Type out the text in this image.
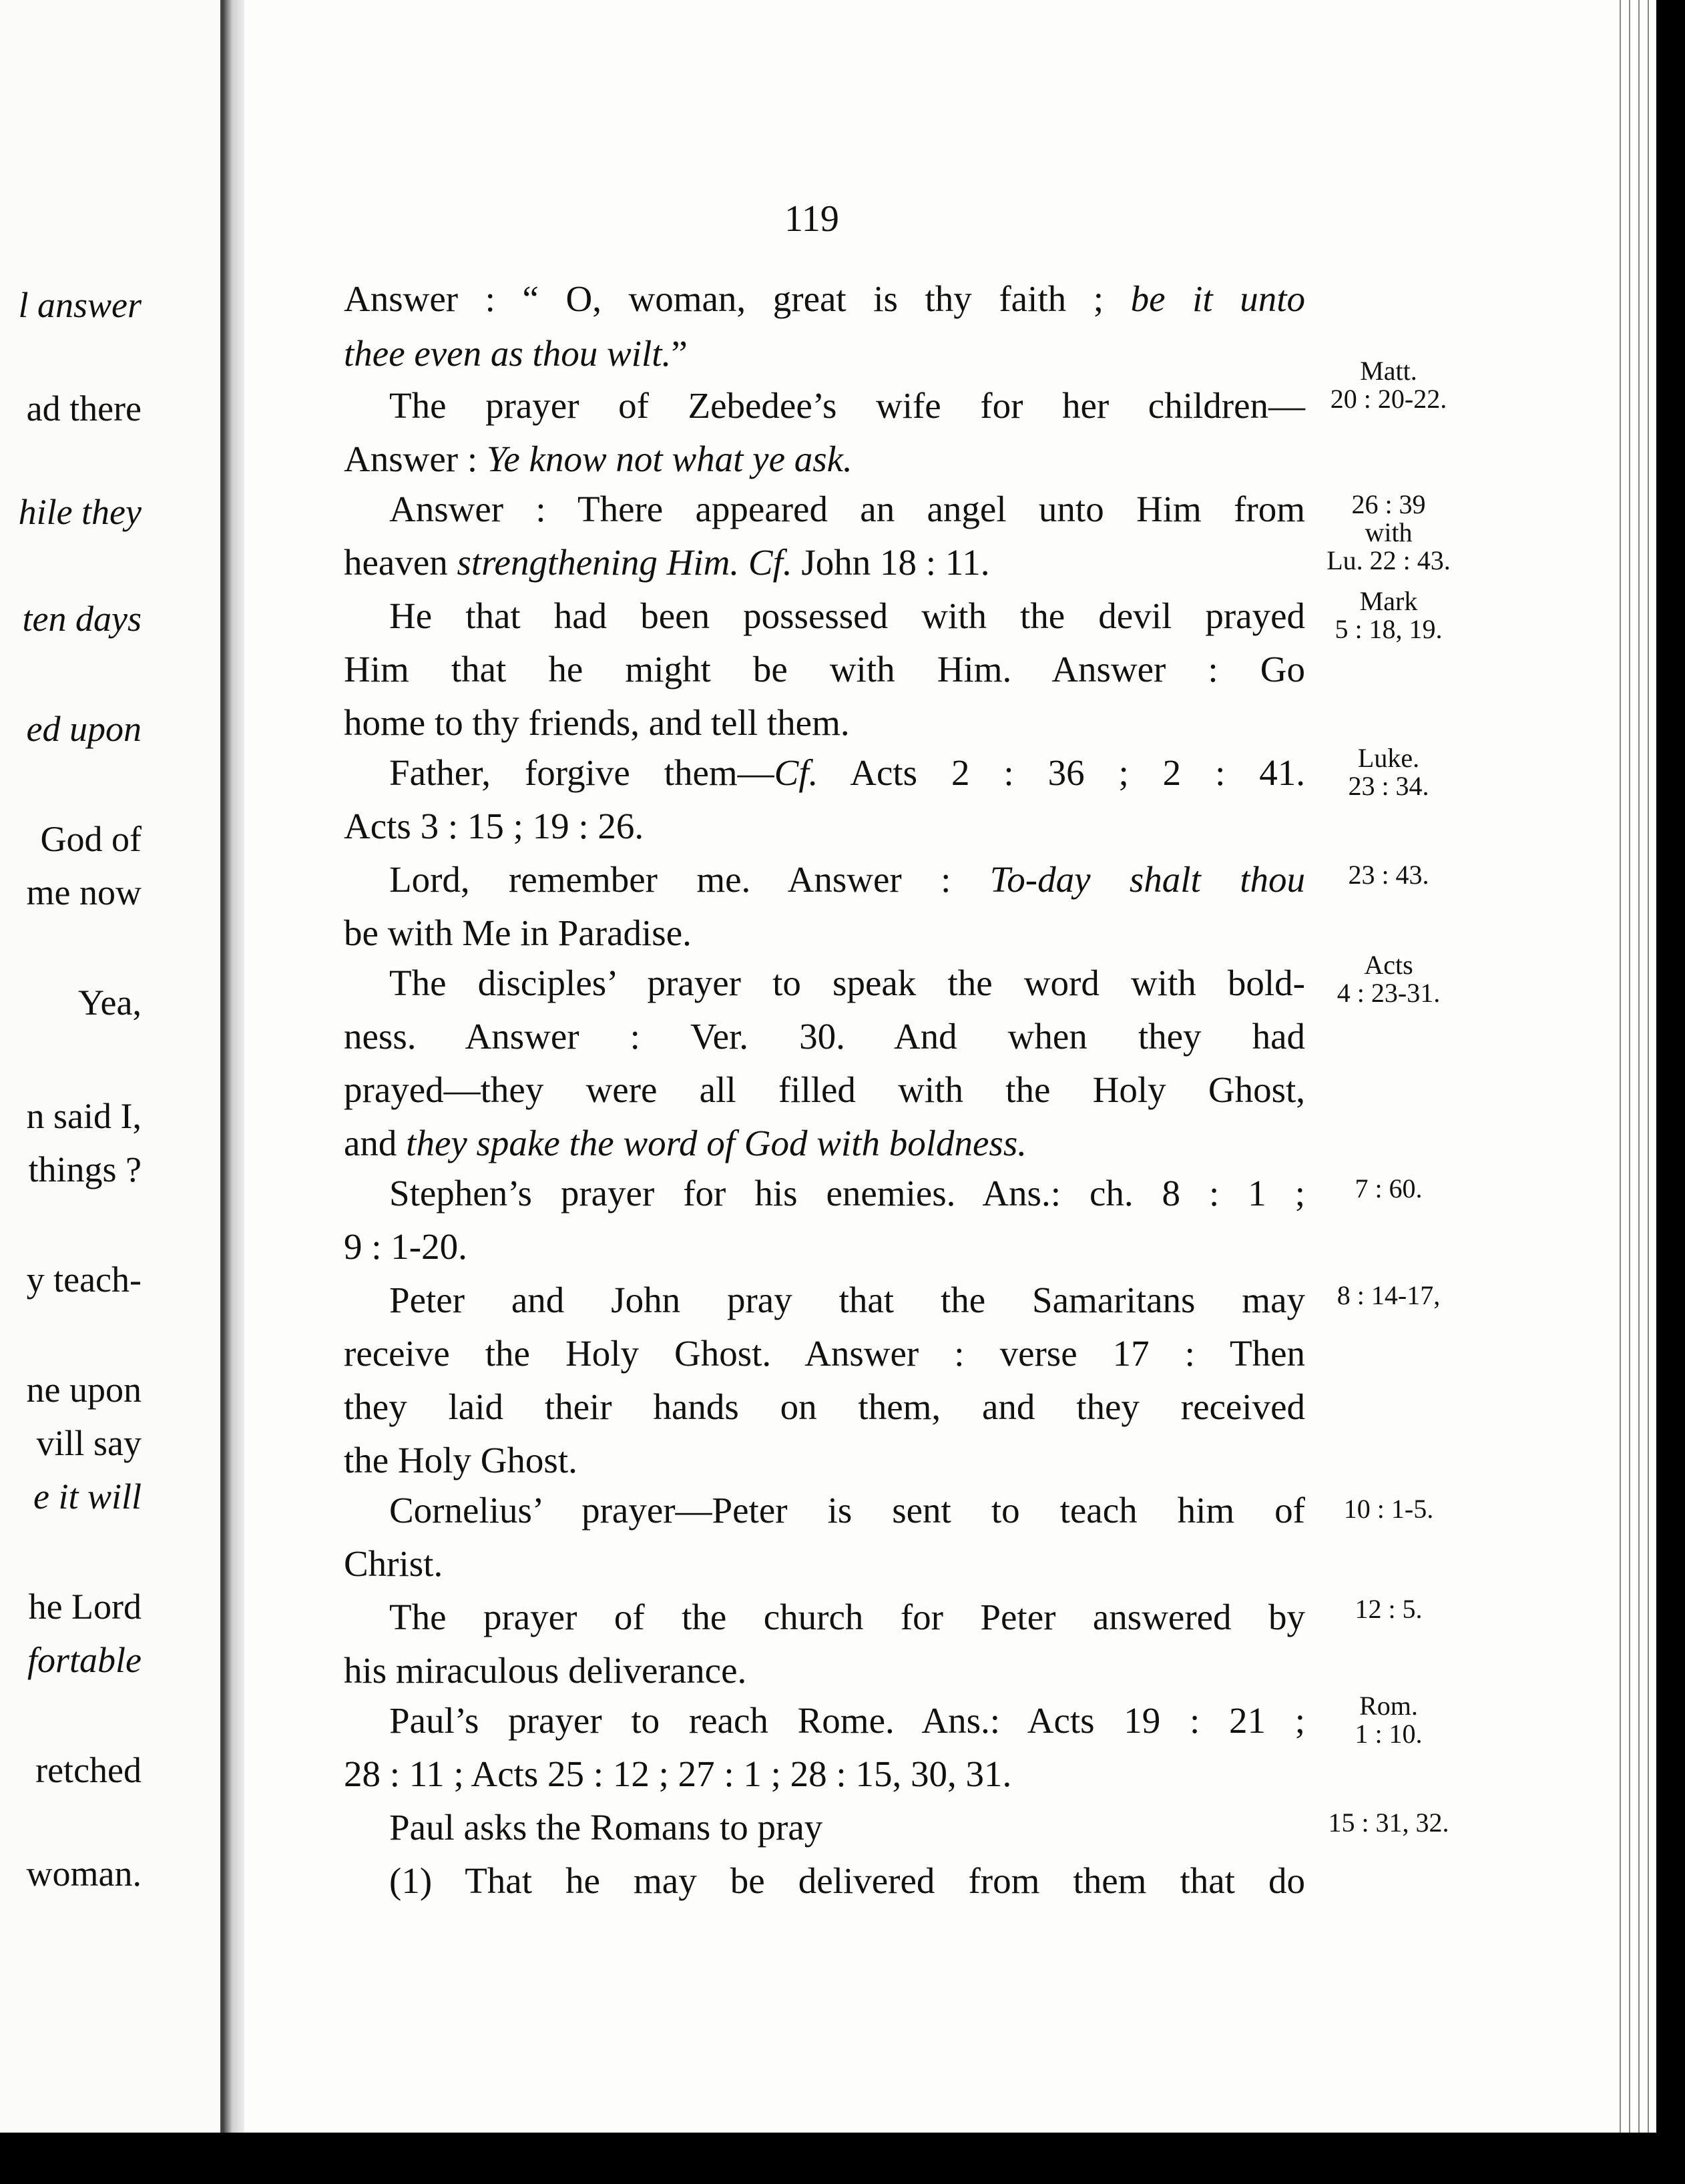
l answer
ad there
hile they
ten days
ed upon
God of
me now
Yea,
n said I,
things ?
y teach-
ne upon
vill say
e it will
he Lord
fortable
retched
woman.
119
Answer : “ O, woman, great is thy faith ; be it unto
thee even as thou wilt.”
The prayer of Zebedee’s wife for her children—
Answer : Ye know not what ye ask.
Answer : There appeared an angel unto Him from
heaven strengthening Him. Cf. John 18 : 11.
He that had been possessed with the devil prayed
Him that he might be with Him. Answer : Go
home to thy friends, and tell them.
Father, forgive them—Cf. Acts 2 : 36 ; 2 : 41.
Acts 3 : 15 ; 19 : 26.
Lord, remember me. Answer : To-day shalt thou
be with Me in Paradise.
The disciples’ prayer to speak the word with bold-
ness. Answer : Ver. 30. And when they had
prayed—they were all filled with the Holy Ghost,
and they spake the word of God with boldness.
Stephen’s prayer for his enemies. Ans.: ch. 8 : 1 ;
9 : 1-20.
Peter and John pray that the Samaritans may
receive the Holy Ghost. Answer : verse 17 : Then
they laid their hands on them, and they received
the Holy Ghost.
Cornelius’ prayer—Peter is sent to teach him of
Christ.
The prayer of the church for Peter answered by
his miraculous deliverance.
Paul’s prayer to reach Rome. Ans.: Acts 19 : 21 ;
28 : 11 ; Acts 25 : 12 ; 27 : 1 ; 28 : 15, 30, 31.
Paul asks the Romans to pray
(1) That he may be delivered from them that do
Matt.
20 : 20-22.
26 : 39
with
Lu. 22 : 43.
Mark
5 : 18, 19.
Luke.
23 : 34.
23 : 43.
Acts
4 : 23-31.
7 : 60.
8 : 14-17,
10 : 1-5.
12 : 5.
Rom.
1 : 10.
15 : 31, 32.
